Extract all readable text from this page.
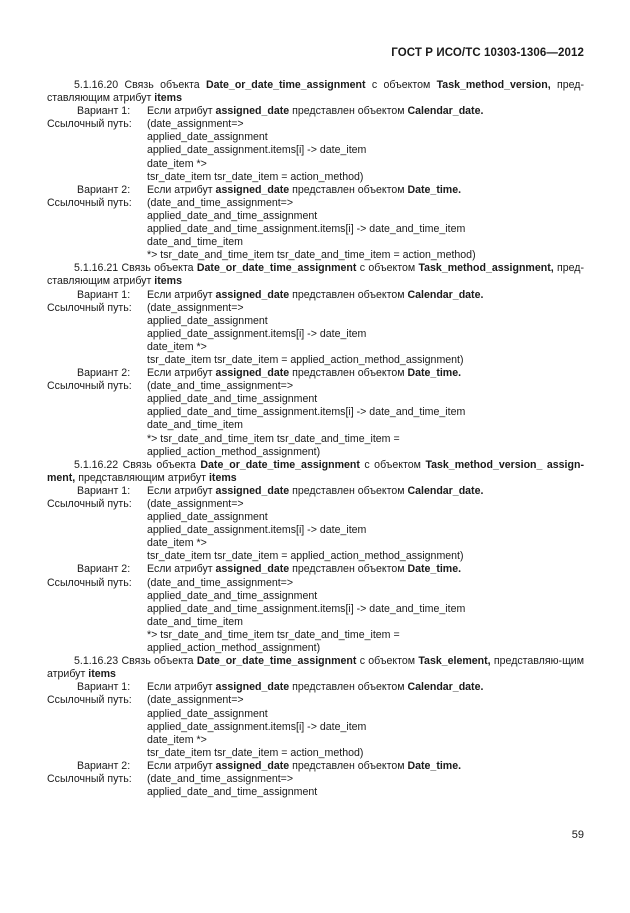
ГОСТ Р ИСО/ТС 10303-1306—2012

5.1.16.20 Связь объекта Date_or_date_time_assignment с объектом Task_method_version, пред-ставляющим атрибут items

Вариант 1:	Если атрибут assigned_date представлен объектом Calendar_date.
Ссылочный путь:	(date_assignment=>
applied_date_assignment
applied_date_assignment.items[i] -> date_item
date_item *>
tsr_date_item tsr_date_item = action_method)
Вариант 2:	Если атрибут assigned_date представлен объектом Date_time.
Ссылочный путь:	(date_and_time_assignment=>
applied_date_and_time_assignment
applied_date_and_time_assignment.items[i] -> date_and_time_item
date_and_time_item
*> tsr_date_and_time_item tsr_date_and_time_item = action_method)

5.1.16.21 Связь объекта Date_or_date_time_assignment с объектом Task_method_assignment, пред-ставляющим атрибут items

Вариант 1:	Если атрибут assigned_date представлен объектом Calendar_date.
Ссылочный путь:	(date_assignment=>
applied_date_assignment
applied_date_assignment.items[i] -> date_item
date_item *>
tsr_date_item tsr_date_item = applied_action_method_assignment)
Вариант 2:	Если атрибут assigned_date представлен объектом Date_time.
Ссылочный путь:	(date_and_time_assignment=>
applied_date_and_time_assignment
applied_date_and_time_assignment.items[i] -> date_and_time_item
date_and_time_item
*> tsr_date_and_time_item tsr_date_and_time_item =
applied_action_method_assignment)

5.1.16.22 Связь объекта Date_or_date_time_assignment с объектом Task_method_version_ assign-ment, представляющим атрибут items

Вариант 1:	Если атрибут assigned_date представлен объектом Calendar_date.
Ссылочный путь:	(date_assignment=>
applied_date_assignment
applied_date_assignment.items[i] -> date_item
date_item *>
tsr_date_item tsr_date_item = applied_action_method_assignment)
Вариант 2:	Если атрибут assigned_date представлен объектом Date_time.
Ссылочный путь:	(date_and_time_assignment=>
applied_date_and_time_assignment
applied_date_and_time_assignment.items[i] -> date_and_time_item
date_and_time_item
*> tsr_date_and_time_item tsr_date_and_time_item =
applied_action_method_assignment)

5.1.16.23 Связь объекта Date_or_date_time_assignment с объектом Task_element, представляю-щим атрибут items

Вариант 1:	Если атрибут assigned_date представлен объектом Calendar_date.
Ссылочный путь:	(date_assignment=>
applied_date_assignment
applied_date_assignment.items[i] -> date_item
date_item *>
tsr_date_item tsr_date_item = action_method)
Вариант 2:	Если атрибут assigned_date представлен объектом Date_time.
Ссылочный путь:	(date_and_time_assignment=>
applied_date_and_time_assignment
59
